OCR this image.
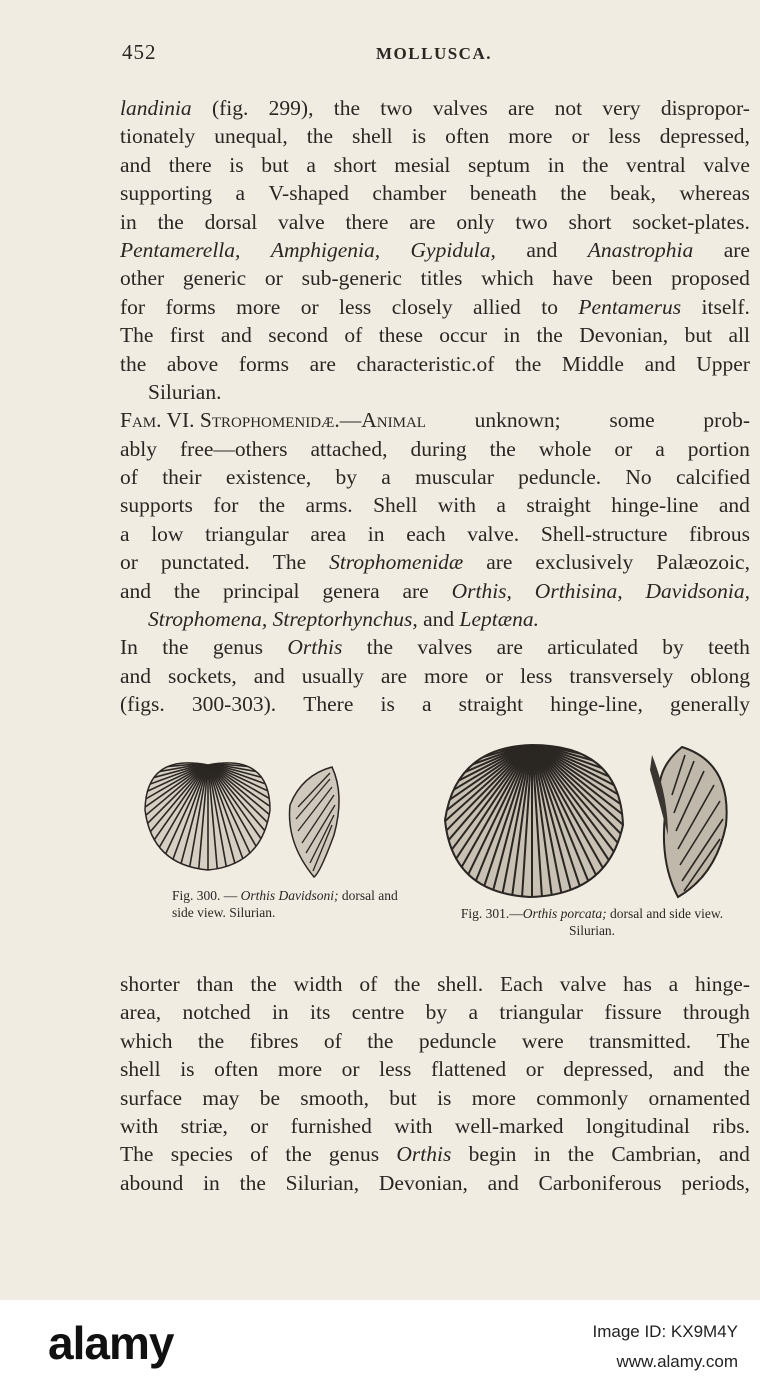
452	MOLLUSCA.
landinia (fig. 299), the two valves are not very dispropor-
tionately unequal, the shell is often more or less depressed,
and there is but a short mesial septum in the ventral valve
supporting a V-shaped chamber beneath the beak, whereas
in the dorsal valve there are only two short socket-plates.
Pentamerella, Amphigenia, Gypidula, and Anastrophia are
other generic or sub-generic titles which have been proposed
for forms more or less closely allied to Pentamerus itself.
The first and second of these occur in the Devonian, but all
the above forms are characteristic.of the Middle and Upper
Silurian.
Fam. VI. Strophomenidæ.—Animal unknown; some prob-
ably free—others attached, during the whole or a portion
of their existence, by a muscular peduncle. No calcified
supports for the arms. Shell with a straight hinge-line and
a low triangular area in each valve. Shell-structure fibrous
or punctated. The Strophomenidæ are exclusively Palæozoic,
and the principal genera are Orthis, Orthisina, Davidsonia,
Strophomena, Streptorhynchus, and Leptæna.
In the genus Orthis the valves are articulated by teeth
and sockets, and usually are more or less transversely oblong
(figs. 300-303). There is a straight hinge-line, generally
Fig. 300. — Orthis Davidsoni; dorsal and side view. Silurian.	Fig. 301.—Orthis porcata; dorsal and side view. Silurian.
shorter than the width of the shell. Each valve has a hinge-
area, notched in its centre by a triangular fissure through
which the fibres of the peduncle were transmitted. The
shell is often more or less flattened or depressed, and the
surface may be smooth, but is more commonly ornamented
with striæ, or furnished with well-marked longitudinal ribs.
The species of the genus Orthis begin in the Cambrian, and
abound in the Silurian, Devonian, and Carboniferous periods,
alamy	Image ID: KX9M4Y
www.alamy.com
